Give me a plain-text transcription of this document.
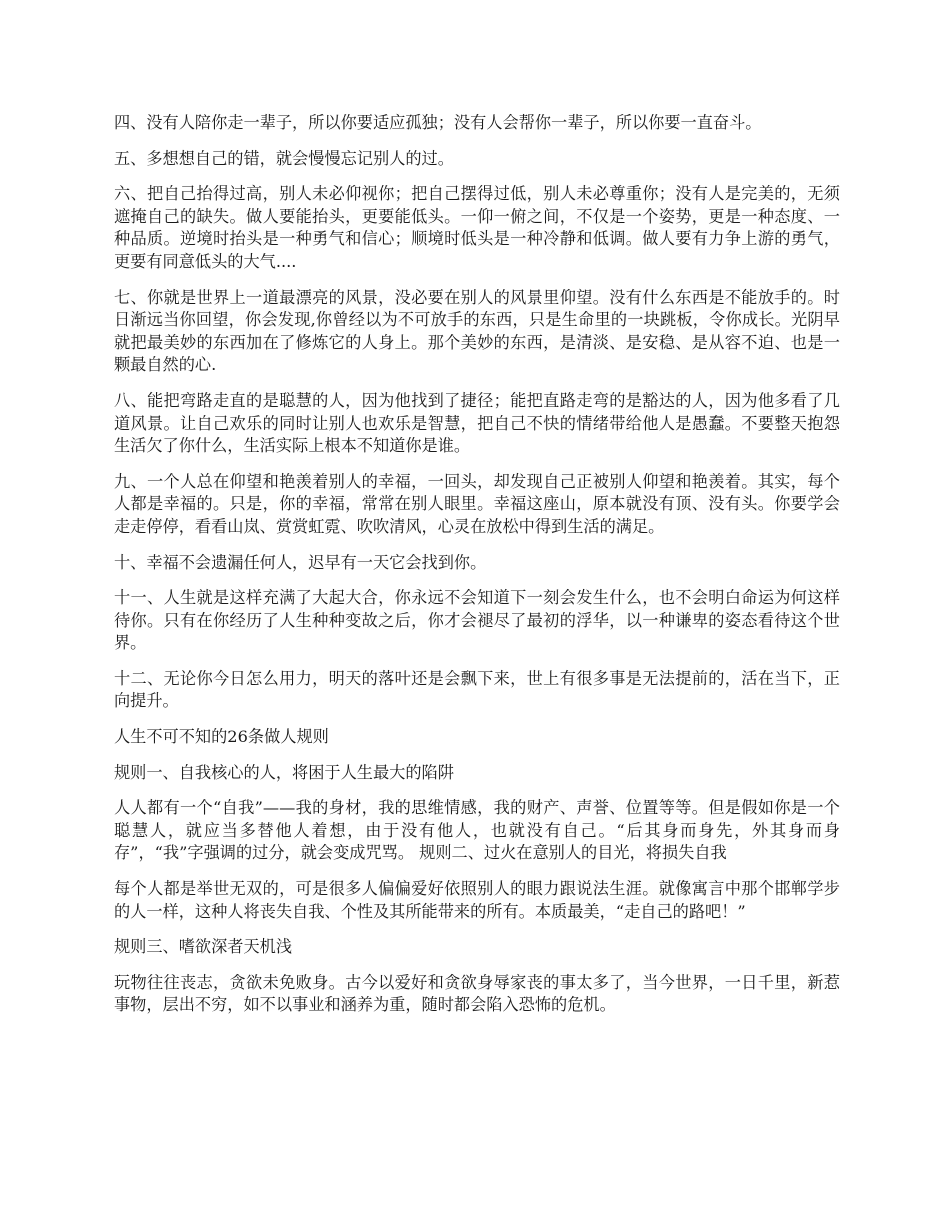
四、没有人陪你走一辈子，所以你要适应孤独；没有人会帮你一辈子，所以你要一直奋斗。

五、多想想自己的错，就会慢慢忘记别人的过。

六、把自己抬得过高，别人未必仰视你；把自己摆得过低，别人未必尊重你；没有人是完美的，无须遮掩自己的缺失。做人要能抬头，更要能低头。一仰一俯之间，不仅是一个姿势，更是一种态度、一种品质。逆境时抬头是一种勇气和信心；顺境时低头是一种冷静和低调。做人要有力争上游的勇气，更要有同意低头的大气....

七、你就是世界上一道最漂亮的风景，没必要在别人的风景里仰望。没有什么东西是不能放手的。时日渐远当你回望，你会发现,你曾经以为不可放手的东西，只是生命里的一块跳板，令你成长。光阴早就把最美妙的东西加在了修炼它的人身上。那个美妙的东西，是清淡、是安稳、是从容不迫、也是一颗最自然的心.

八、能把弯路走直的是聪慧的人，因为他找到了捷径；能把直路走弯的是豁达的人，因为他多看了几道风景。让自己欢乐的同时让别人也欢乐是智慧，把自己不快的情绪带给他人是愚蠢。不要整天抱怨生活欠了你什么，生活实际上根本不知道你是谁。

九、一个人总在仰望和艳羡着别人的幸福，一回头，却发现自己正被别人仰望和艳羡着。其实，每个人都是幸福的。只是，你的幸福，常常在别人眼里。幸福这座山，原本就没有顶、没有头。你要学会走走停停，看看山岚、赏赏虹霓、吹吹清风，心灵在放松中得到生活的满足。

十、幸福不会遗漏任何人，迟早有一天它会找到你。

十一、人生就是这样充满了大起大合，你永远不会知道下一刻会发生什么，也不会明白命运为何这样待你。只有在你经历了人生种种变故之后，你才会褪尽了最初的浮华，以一种谦卑的姿态看待这个世界。

十二、无论你今日怎么用力，明天的落叶还是会飘下来，世上有很多事是无法提前的，活在当下，正向提升。

人生不可不知的26条做人规则

规则一、自我核心的人，将困于人生最大的陷阱

人人都有一个“自我”——我的身材，我的思维情感，我的财产、声誉、位置等等。但是假如你是一个聪慧人，就应当多替他人着想，由于没有他人，也就没有自己。“后其身而身先，外其身而身存”，“我”字强调的过分，就会变成咒骂。 规则二、过火在意别人的目光，将损失自我

每个人都是举世无双的，可是很多人偏偏爱好依照别人的眼力跟说法生涯。就像寓言中那个邯郸学步的人一样，这种人将丧失自我、个性及其所能带来的所有。本质最美，“走自己的路吧！”

规则三、嗜欲深者天机浅

玩物往往丧志，贪欲未免败身。古今以爱好和贪欲身辱家丧的事太多了，当今世界，一日千里，新惹事物，层出不穷，如不以事业和涵养为重，随时都会陷入恐怖的危机。
